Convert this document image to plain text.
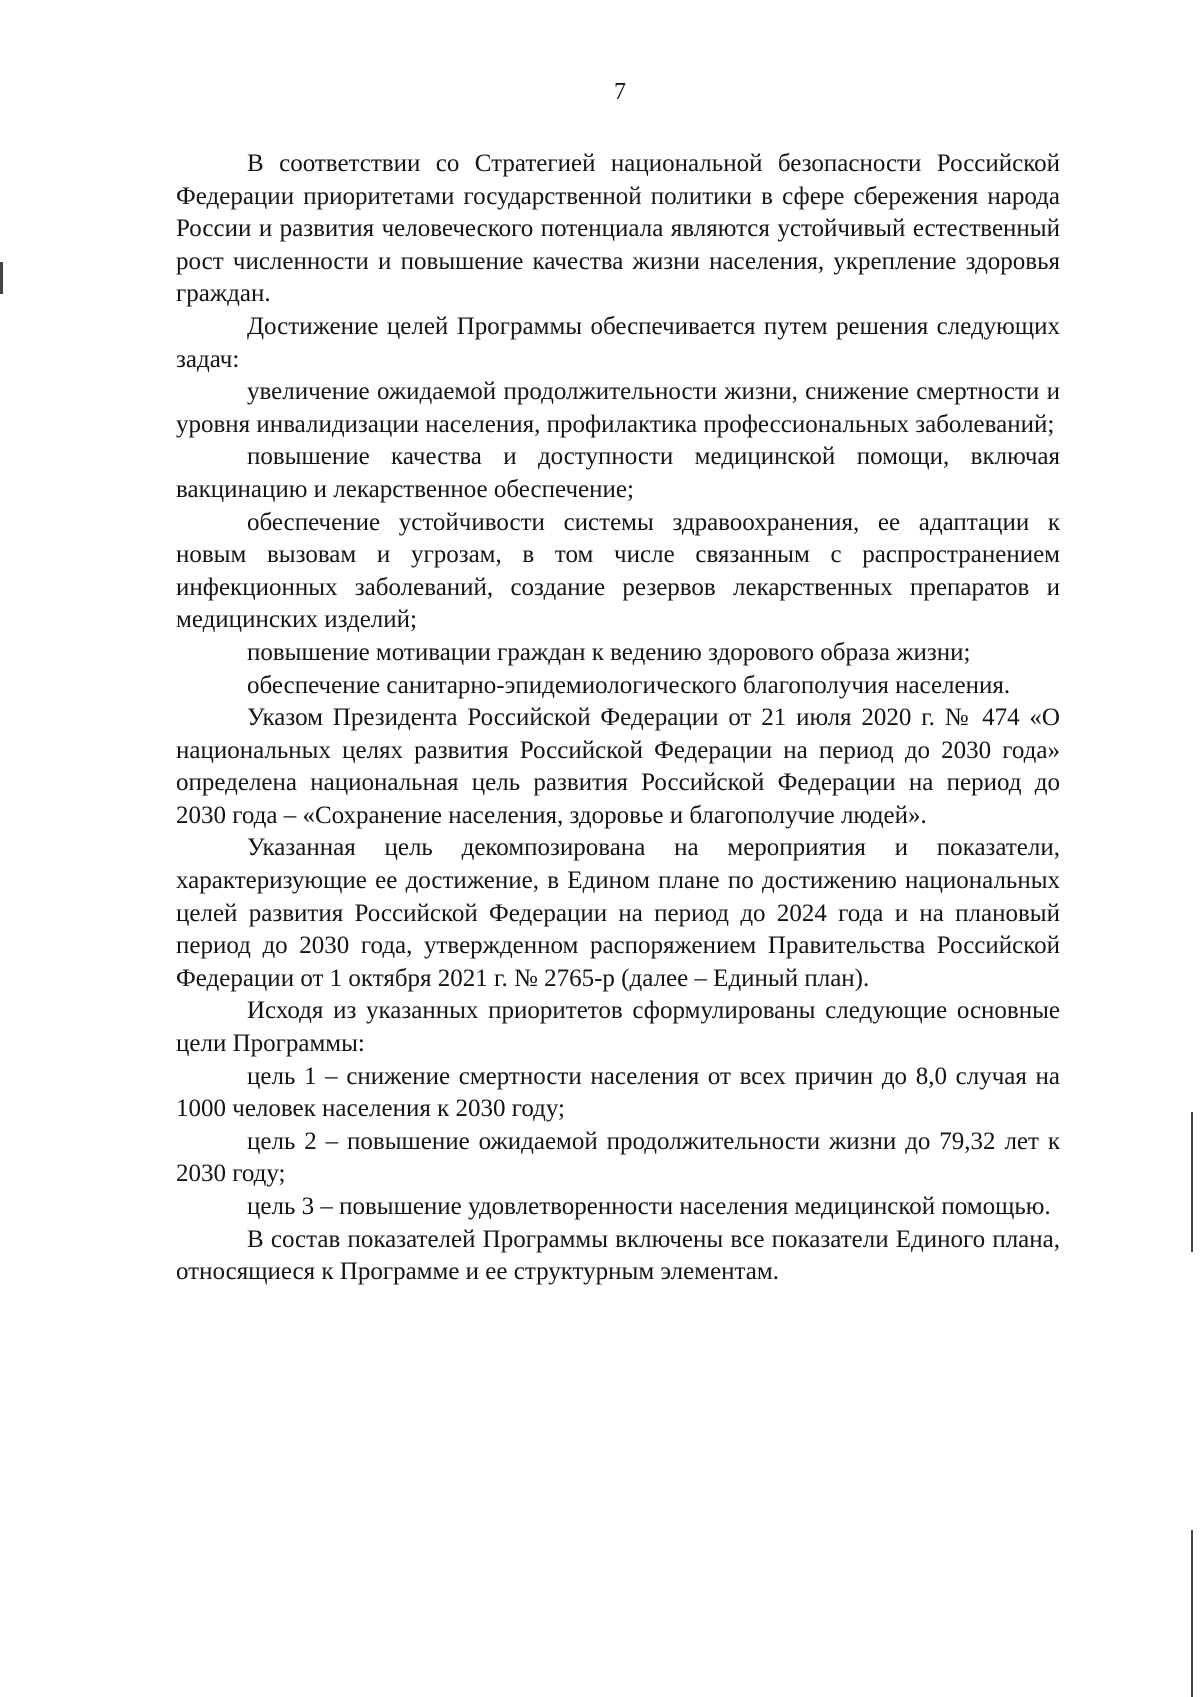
7

В соответствии со Стратегией национальной безопасности Российской Федерации приоритетами государственной политики в сфере сбережения народа России и развития человеческого потенциала являются устойчивый естественный рост численности и повышение качества жизни населения, укрепление здоровья граждан.

Достижение целей Программы обеспечивается путем решения следующих задач:

увеличение ожидаемой продолжительности жизни, снижение смертности и уровня инвалидизации населения, профилактика профессиональных заболеваний;

повышение качества и доступности медицинской помощи, включая вакцинацию и лекарственное обеспечение;

обеспечение устойчивости системы здравоохранения, ее адаптации к новым вызовам и угрозам, в том числе связанным с распространением инфекционных заболеваний, создание резервов лекарственных препаратов и медицинских изделий;

повышение мотивации граждан к ведению здорового образа жизни;

обеспечение санитарно-эпидемиологического благополучия населения.

Указом Президента Российской Федерации от 21 июля 2020 г. № 474 «О национальных целях развития Российской Федерации на период до 2030 года» определена национальная цель развития Российской Федерации на период до 2030 года – «Сохранение населения, здоровье и благополучие людей».

Указанная цель декомпозирована на мероприятия и показатели, характеризующие ее достижение, в Едином плане по достижению национальных целей развития Российской Федерации на период до 2024 года и на плановый период до 2030 года, утвержденном распоряжением Правительства Российской Федерации от 1 октября 2021 г. № 2765-р (далее – Единый план).

Исходя из указанных приоритетов сформулированы следующие основные цели Программы:

цель 1 – снижение смертности населения от всех причин до 8,0 случая на 1000 человек населения к 2030 году;

цель 2 – повышение ожидаемой продолжительности жизни до 79,32 лет к 2030 году;

цель 3 – повышение удовлетворенности населения медицинской помощью.

В состав показателей Программы включены все показатели Единого плана, относящиеся к Программе и ее структурным элементам.
